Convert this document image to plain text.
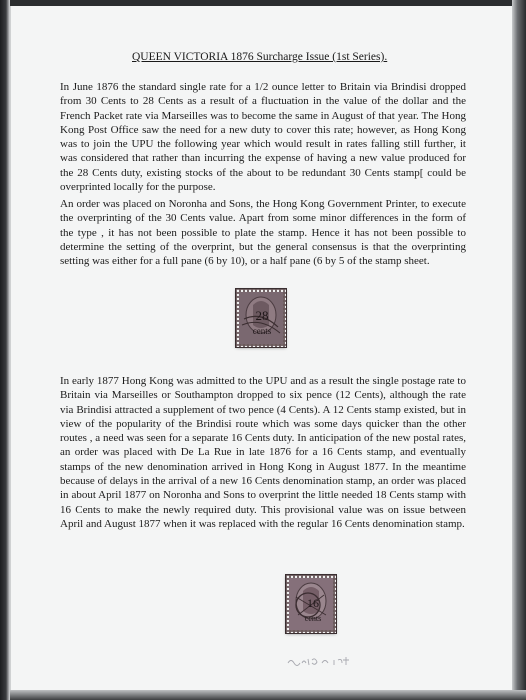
QUEEN VICTORIA 1876 Surcharge Issue (1st Series).

In June 1876 the standard single rate for a 1/2 ounce letter to Britain via Brindisi dropped from 30 Cents to 28 Cents as a result of a fluctuation in the value of the dollar and the French Packet rate via Marseilles was to become the same in August of that year. The Hong Kong Post Office saw the need for a new duty to cover this rate; however, as Hong Kong was to join the UPU the following year which would result in rates falling still further, it was considered that rather than incurring the expense of having a new value produced for the 28 Cents duty, existing stocks of the about to be redundant 30 Cents stamp[ could be overprinted locally for the purpose.

An order was placed on Noronha and Sons, the Hong Kong Government Printer, to execute the overprinting of the 30 Cents value. Apart from some minor differences in the form of the type , it has not been possible to plate the stamp. Hence it has not been possible to determine the setting of the overprint, but the general consensus is that the overprinting setting was either for a full pane (6 by 10), or a half pane (6 by 5 of the stamp sheet.

28
cents

In early 1877 Hong Kong was admitted to the UPU and as a result the single postage rate to Britain via Marseilles or Southampton dropped to six pence (12 Cents), although the rate via Brindisi attracted a supplement of two pence (4 Cents). A 12 Cents stamp existed, but in view of the popularity of the Brindisi route which was some days quicker than the other routes , a need was seen for a separate 16 Cents duty. In anticipation of the new postal rates, an order was placed with De La Rue in late 1876 for a 16 Cents stamp, and eventually stamps of the new denomination arrived in Hong Kong in August 1877. In the meantime because of delays in the arrival of a new 16 Cents denomination stamp, an order was placed in about April 1877 on Noronha and Sons to overprint the little needed 18 Cents stamp with 16 Cents to make the newly required duty. This provisional value was on issue between April and August 1877 when it was replaced with the regular 16 Cents denomination stamp.

16
cents
